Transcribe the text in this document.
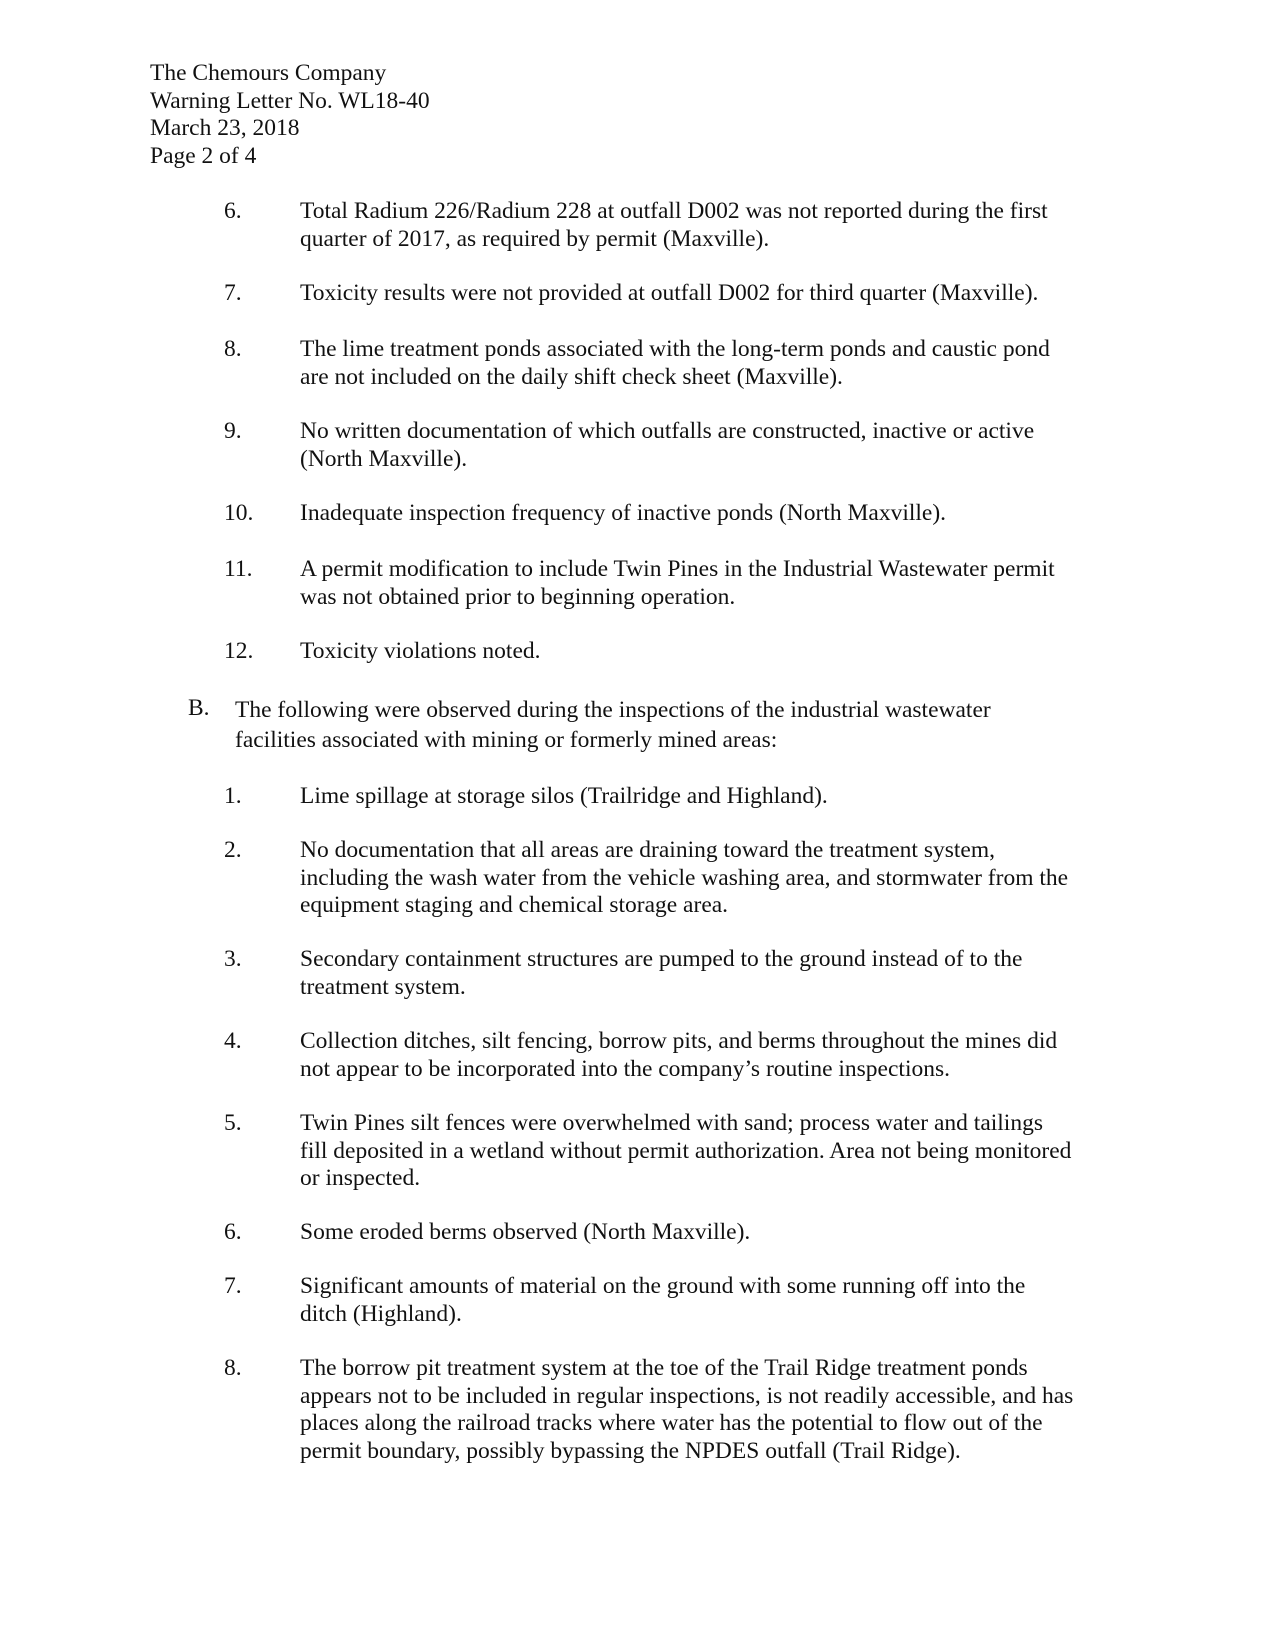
The Chemours Company
Warning Letter No. WL18-40
March 23, 2018
Page 2 of 4
6. Total Radium 226/Radium 228 at outfall D002 was not reported during the first
quarter of 2017, as required by permit (Maxville).
7. Toxicity results were not provided at outfall D002 for third quarter (Maxville).
8. The lime treatment ponds associated with the long-term ponds and caustic pond
are not included on the daily shift check sheet (Maxville).
9. No written documentation of which outfalls are constructed, inactive or active
(North Maxville).
10. Inadequate inspection frequency of inactive ponds (North Maxville).
11. A permit modification to include Twin Pines in the Industrial Wastewater permit
was not obtained prior to beginning operation.
12. Toxicity violations noted.
B. The following were observed during the inspections of the industrial wastewater
facilities associated with mining or formerly mined areas:
1. Lime spillage at storage silos (Trailridge and Highland).
2. No documentation that all areas are draining toward the treatment system,
including the wash water from the vehicle washing area, and stormwater from the
equipment staging and chemical storage area.
3. Secondary containment structures are pumped to the ground instead of to the
treatment system.
4. Collection ditches, silt fencing, borrow pits, and berms throughout the mines did
not appear to be incorporated into the company’s routine inspections.
5. Twin Pines silt fences were overwhelmed with sand; process water and tailings
fill deposited in a wetland without permit authorization. Area not being monitored
or inspected.
6. Some eroded berms observed (North Maxville).
7. Significant amounts of material on the ground with some running off into the
ditch (Highland).
8. The borrow pit treatment system at the toe of the Trail Ridge treatment ponds
appears not to be included in regular inspections, is not readily accessible, and has
places along the railroad tracks where water has the potential to flow out of the
permit boundary, possibly bypassing the NPDES outfall (Trail Ridge).
